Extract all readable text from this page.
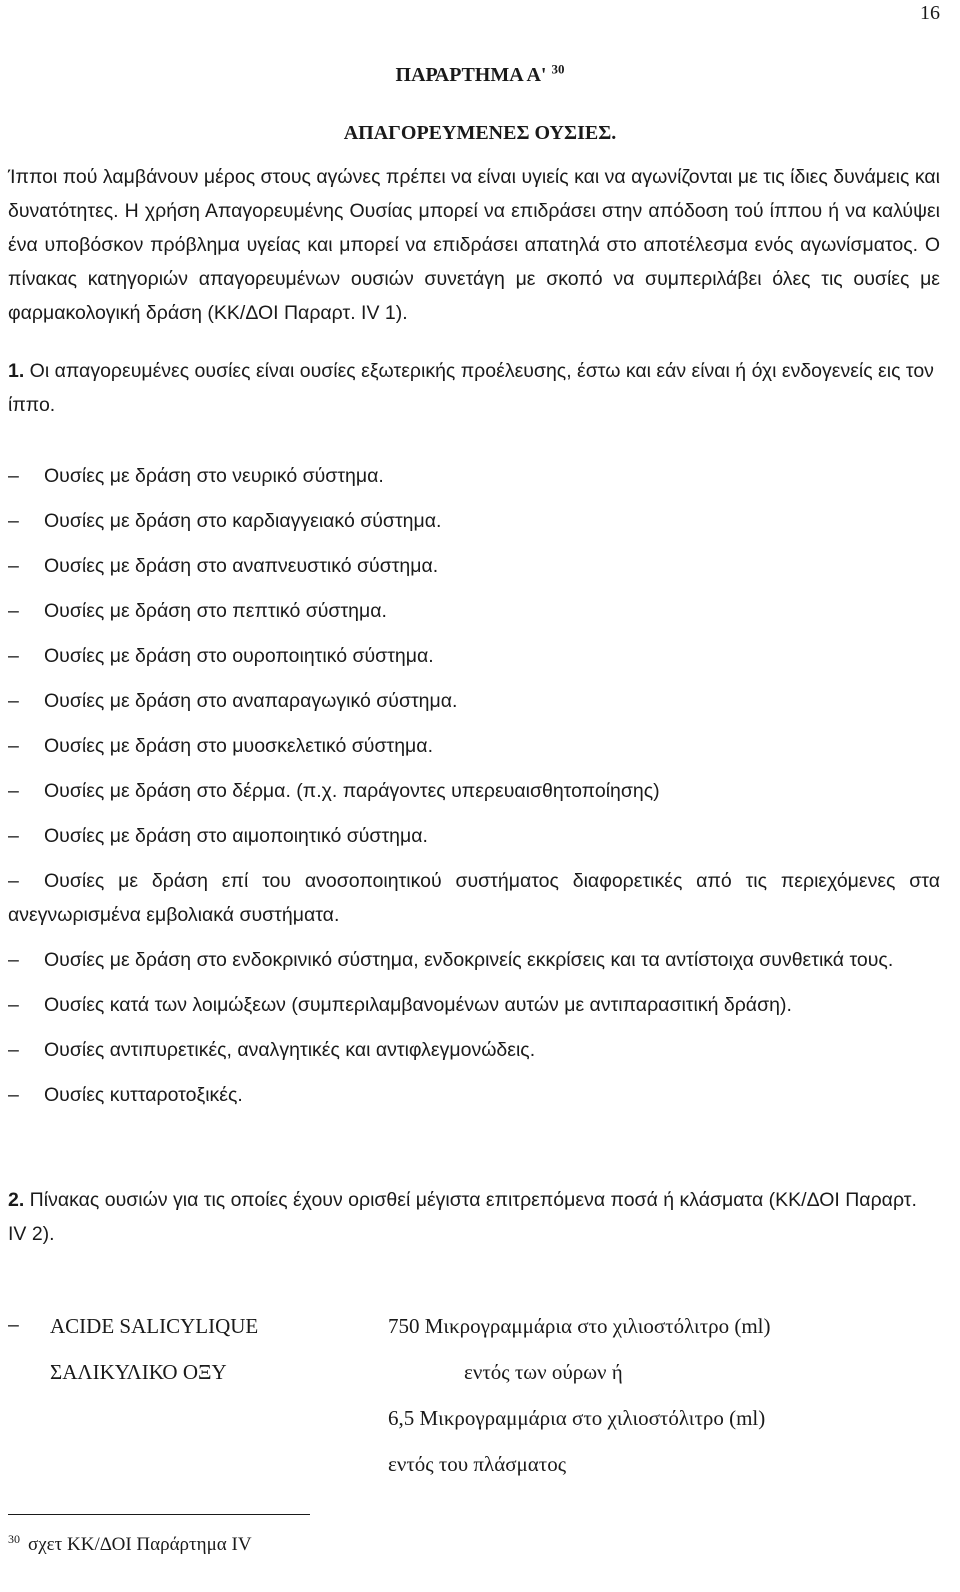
16
ΠΑΡΑΡΤΗΜΑ Α' $^{30}$
ΑΠΑΓΟΡΕΥΜΕΝΕΣ ΟΥΣΙΕΣ.

Ίπποι πού λαμβάνουν μέρος στους αγώνες πρέπει να είναι υγιείς και να αγωνίζονται με τις ίδιες δυνάμεις και δυνατότητες. Η χρήση Απαγορευμένης Ουσίας μπορεί να επιδράσει στην απόδοση τού ίππου ή να καλύψει ένα υποβόσκον πρόβλημα υγείας και μπορεί να επιδράσει απατηλά στο αποτέλεσμα ενός αγωνίσματος. Ο πίνακας κατηγοριών απαγορευμένων ουσιών συνετάγη με σκοπό να συμπεριλάβει όλες τις ουσίες με φαρμακολογική δράση (ΚΚ/ΔΟΙ Παραρτ. IV 1).

1. Οι απαγορευμένες ουσίες είναι ουσίες εξωτερικής προέλευσης, έστω και εάν είναι ή όχι ενδογενείς εις τον ίππο.

– Ουσίες με δράση στο νευρικό σύστημα.
– Ουσίες με δράση στο καρδιαγγειακό σύστημα.
– Ουσίες με δράση στο αναπνευστικό σύστημα.
– Ουσίες με δράση στο πεπτικό σύστημα.
– Ουσίες με δράση στο ουροποιητικό σύστημα.
– Ουσίες με δράση στο αναπαραγωγικό σύστημα.
– Ουσίες με δράση στο μυοσκελετικό σύστημα.
– Ουσίες με δράση στο δέρμα. (π.χ. παράγοντες υπερευαισθητοποίησης)
– Ουσίες με δράση στο αιμοποιητικό σύστημα.
– Ουσίες με δράση επί του ανοσοποιητικού συστήματος διαφορετικές από τις περιεχόμενες στα ανεγνωρισμένα εμβολιακά συστήματα.
– Ουσίες με δράση στο ενδοκρινικό σύστημα, ενδοκρινείς εκκρίσεις και τα αντίστοιχα συνθετικά τους.
– Ουσίες κατά των λοιμώξεων (συμπεριλαμβανομένων αυτών με αντιπαρασιτική δράση).
– Ουσίες αντιπυρετικές, αναλγητικές και αντιφλεγμονώδεις.
– Ουσίες κυτταροτοξικές.

2. Πίνακας ουσιών για τις οποίες έχουν ορισθεί μέγιστα επιτρεπόμενα ποσά ή κλάσματα (ΚΚ/ΔΟΙ Παραρτ. IV 2).

– ACIDE SALICYLIQUE	750 Μικρογραμμάρια στο χιλιοστόλιτρο (ml)
ΣΑΛΙΚΥΛΙΚΟ ΟΞΥ	εντός των ούρων ή
6,5 Μικρογραμμάρια στο χιλιοστόλιτρο (ml)
εντός του πλάσματος
$^{30}$ σχετ ΚΚ/ΔΟΙ Παράρτημα IV
